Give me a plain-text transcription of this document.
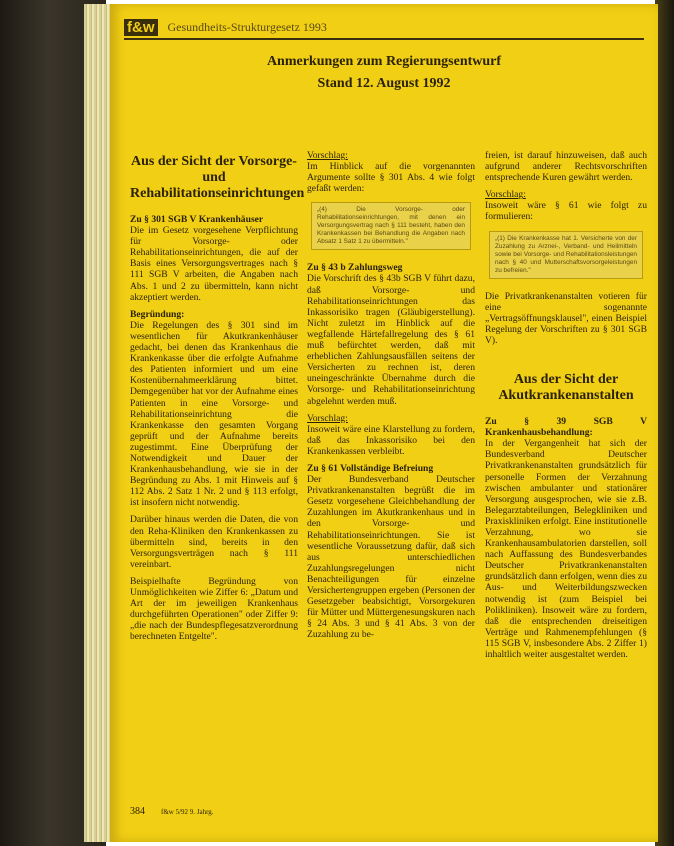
f&w Gesundheits-Strukturgesetz 1993
Anmerkungen zum Regierungsentwurf
Stand 12. August 1992
Aus der Sicht der Vorsorge- und Rehabilitationseinrichtungen
Zu § 301 SGB V Krankenhäuser

Die im Gesetz vorgesehene Verpflichtung für Vorsorge- oder Rehabilitationseinrichtungen, die auf der Basis eines Versorgungsvertrages nach § 111 SGB V arbeiten, die Angaben nach Abs. 1 und 2 zu übermitteln, kann nicht akzeptiert werden.

Begründung:

Die Regelungen des § 301 sind im wesentlichen für Akutkrankenhäuser gedacht, bei denen das Krankenhaus die Krankenkasse über die erfolgte Aufnahme des Patienten informiert und um eine Kostenübernahmeerklärung bittet. Demgegenüber hat vor der Aufnahme eines Patienten in eine Vorsorge- und Rehabilitationseinrichtung die Krankenkasse den gesamten Vorgang geprüft und der Aufnahme bereits zugestimmt. Eine Überprüfung der Notwendigkeit und Dauer der Krankenhausbehandlung, wie sie in der Begründung zu Abs. 1 mit Hinweis auf § 112 Abs. 2 Satz 1 Nr. 2 und § 113 erfolgt, ist insofern nicht notwendig.

Darüber hinaus werden die Daten, die von den Reha-Kliniken den Krankenkassen zu übermitteln sind, bereits in den Versorgungsverträgen nach § 111 vereinbart.

Beispielhafte Begründung von Unmöglichkeiten wie Ziffer 6: „Datum und Art der im jeweiligen Krankenhaus durchgeführten Operationen" oder Ziffer 9: „die nach der Bundespflegesatzverordnung berechneten Entgelte".

Vorschlag:

Im Hinblick auf die vorgenannten Argumente sollte § 301 Abs. 4 wie folgt gefaßt werden:

„(4) Die Vorsorge- oder Rehabilitationseinrichtungen, mit denen ein Versorgungsvertrag nach § 111 besteht, haben den Krankenkassen bei Behandlung die Angaben nach Absatz 1 Satz 1 zu übermitteln."
Zu § 43 b Zahlungsweg

Die Vorschrift des § 43b SGB V führt dazu, daß Vorsorge- und Rehabilitationseinrichtungen das Inkassorisiko tragen (Gläubigerstellung). Nicht zuletzt im Hinblick auf die wegfallende Härtefallregelung des § 61 muß befürchtet werden, daß mit erheblichen Zahlungsausfällen seitens der Versicherten zu rechnen ist, deren uneingeschränkte Übernahme durch die Vorsorge- und Rehabilitationseinrichtung abgelehnt werden muß.

Vorschlag:

Insoweit wäre eine Klarstellung zu fordern, daß das Inkassorisiko bei den Krankenkassen verbleibt.

Zu § 61 Vollständige Befreiung

Der Bundesverband Deutscher Privatkrankenanstalten begrüßt die im Gesetz vorgesehene Gleichbehandlung der Zuzahlungen im Akutkrankenhaus und in den Vorsorge- und Rehabilitationseinrichtungen. Sie ist wesentliche Voraussetzung dafür, daß sich aus unterschiedlichen Zuzahlungsregelungen nicht Benachteiligungen für einzelne Versichertengruppen ergeben (Personen der Gesetzgeber beabsichtigt, Vorsorgekuren für Mütter und Müttergenesungskuren nach § 24 Abs. 3 und § 41 Abs. 3 von der Zuzahlung zu be-

freien, ist darauf hinzuweisen, daß auch aufgrund anderer Rechtsvorschriften entsprechende Kuren gewährt werden.

Vorschlag:

Insoweit wäre § 61 wie folgt zu formulieren:

„(1) Die Krankenkasse hat 1. Versicherte von der Zuzahlung zu Arznei-, Verband- und Heilmitteln sowie bei Vorsorge- und Rehabilitationsleistungen nach § 40 und Mutterschaftsvorsorgeleistungen zu befreien."

Die Privatkrankenanstalten votieren für eine sogenannte „Vertragsöffnungsklausel", einen Beispiel Regelung der Vorschriften zu § 301 SGB V).

Aus der Sicht der Akutkrankenanstalten
Zu § 39 SGB V Krankenhausbehandlung:

In der Vergangenheit hat sich der Bundesverband Deutscher Privatkrankenanstalten grundsätzlich für personelle Formen der Verzahnung zwischen ambulanter und stationärer Versorgung ausgesprochen, wie sie z.B. Belegarztabteilungen, Belegkliniken und Praxiskliniken erfolgt. Eine institutionelle Verzahnung, wo sie Krankenhausambulatorien darstellen, soll nach Auffassung des Bundesverbandes Deutscher Privatkrankenanstalten grundsätzlich dann erfolgen, wenn dies zu Aus- und Weiterbildungszwecken notwendig ist (zum Beispiel bei Polikliniken). Insoweit wäre zu fordern, daß die entsprechenden dreiseitigen Verträge und Rahmenempfehlungen (§ 115 SGB V, insbesondere Abs. 2 Ziffer 1) inhaltlich weiter ausgestaltet werden.

384 f&w 5/92 9. Jahrg.
